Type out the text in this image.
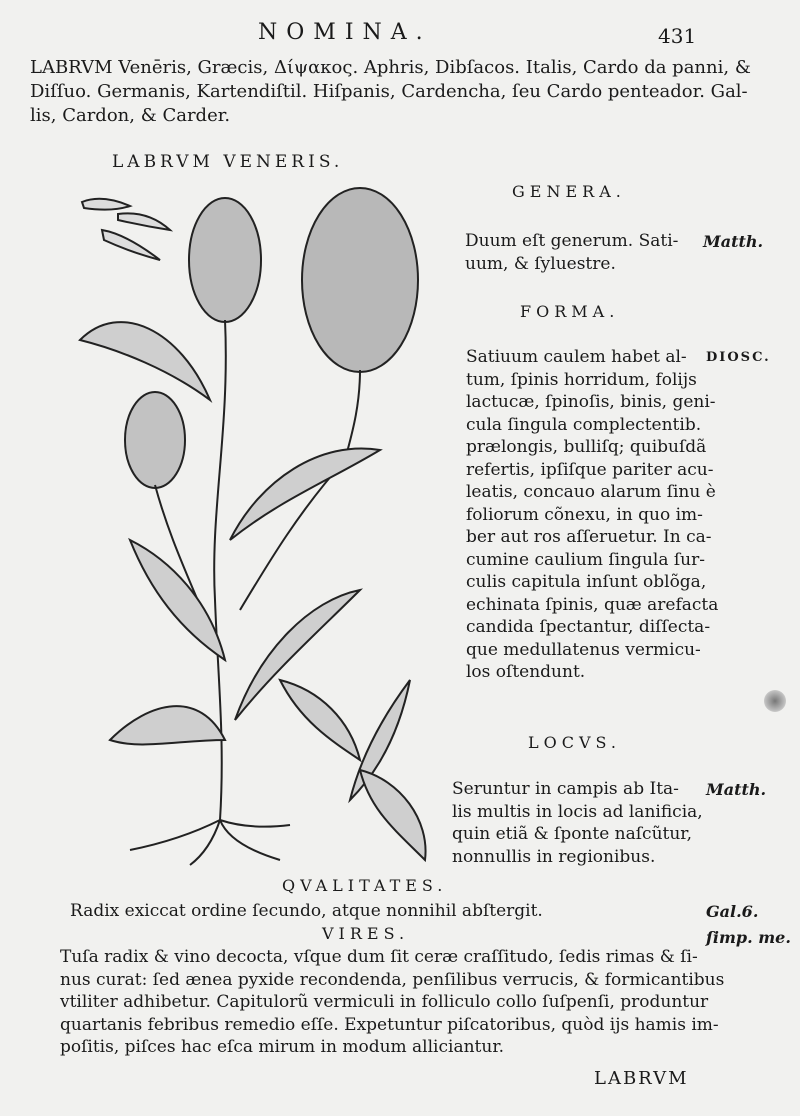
NOMINA.	431
LABRVM Venēris, Græcis, Δίψακος. Aphris, Dibſacos. Italis, Cardo da panni, &
Diſſuo. Germanis, Kartendiſtil. Hiſpanis, Cardencha, ſeu Cardo penteador. Gal-
lis, Cardon, & Carder.
LABRVM VENERIS.
GENERA.
Duum eſt generum. Sati-
uum, & ſyluestre.
Matth.
FORMA.
Satiuum caulem habet al-
tum, ſpinis horridum, folijs
lactucæ, ſpinoſis, binis, geni-
cula ſingula complectentib.
prælongis, bulliſq; quibuſdã
refertis, ipſiſque pariter acu-
leatis, concauo alarum ſinu è
foliorum cõnexu, in quo im-
ber aut ros aſſeruetur. In ca-
cumine caulium ſingula ſur-
culis capitula inſunt oblõga,
echinata ſpinis, quæ arefacta
candida ſpectantur, diſſecta-
que medullatenus vermicu-
los oſtendunt.
DIOSC.
LOCVS.
Seruntur in campis ab Ita-
lis multis in locis ad lanificia,
quin etiã & ſponte naſcũtur,
nonnullis in regionibus.
Matth.
QVALITATES.
Radix exiccat ordine ſecundo, atque nonnihil abſtergit.	Gal.6.
ſimp. me.
VIRES.
Tuſa radix & vino decocta, vſque dum ſit ceræ craſſitudo, ſedis rimas & ſi-
nus curat: ſed ænea pyxide recondenda, penſilibus verrucis, & formicantibus
vtiliter adhibetur. Capitulorũ vermiculi in folliculo collo ſuſpenſi, produntur
quartanis febribus remedio eſſe. Expetuntur piſcatoribus, quòd ijs hamis im-
poſitis, piſces hac eſca mirum in modum alliciantur.
LABRVM
